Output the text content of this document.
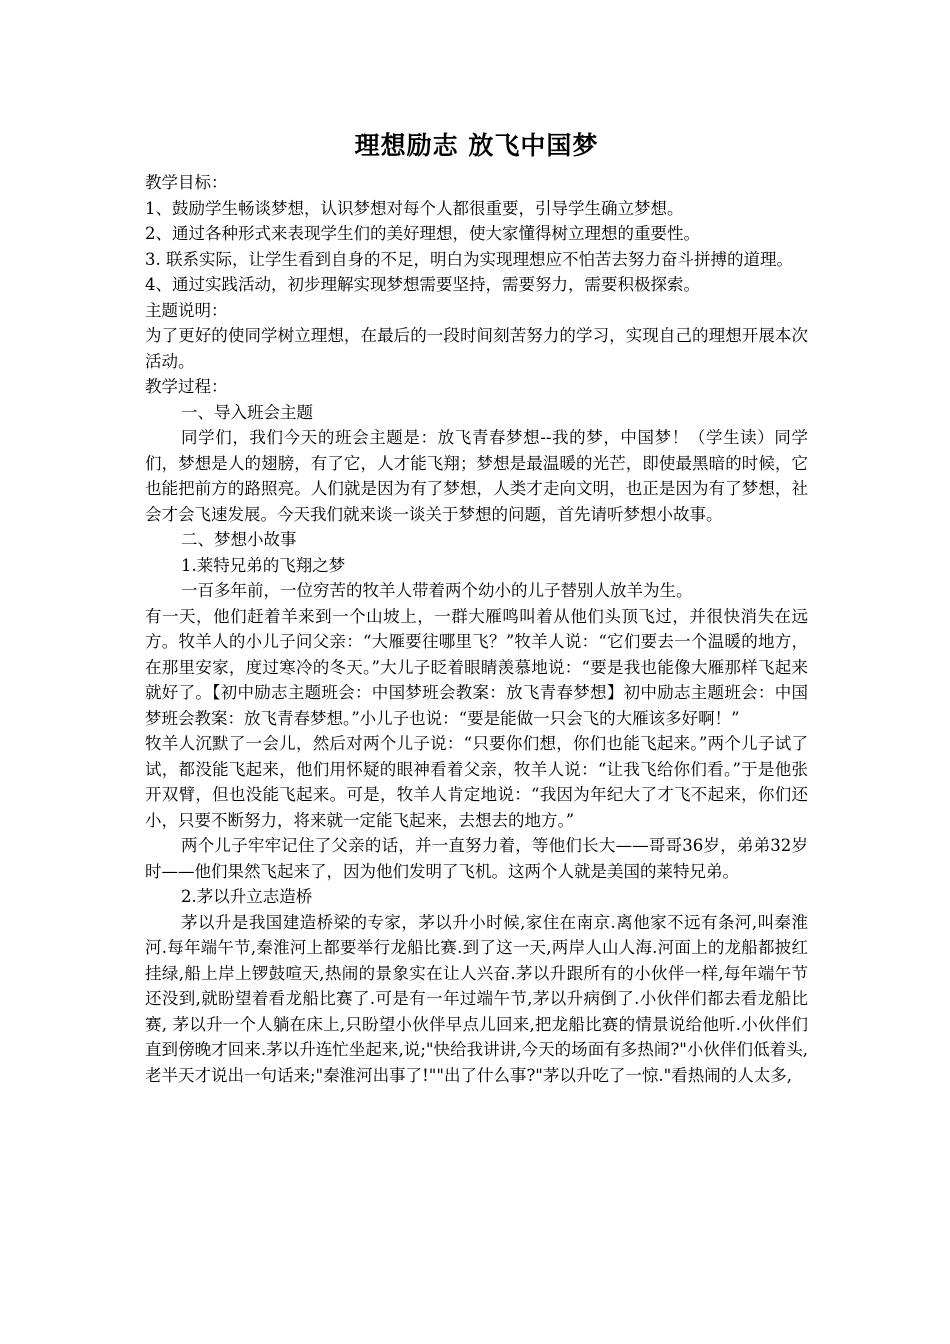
理想励志 放飞中国梦

教学目标：

1、鼓励学生畅谈梦想，认识梦想对每个人都很重要，引导学生确立梦想。

2、通过各种形式来表现学生们的美好理想，使大家懂得树立理想的重要性。

3. 联系实际，让学生看到自身的不足，明白为实现理想应不怕苦去努力奋斗拼搏的道理。

4、通过实践活动，初步理解实现梦想需要坚持，需要努力，需要积极探索。

主题说明：

为了更好的使同学树立理想，在最后的一段时间刻苦努力的学习，实现自己的理想开展本次活动。

教学过程：

一、导入班会主题

同学们，我们今天的班会主题是：放飞青春梦想--我的梦，中国梦！（学生读）同学们，梦想是人的翅膀，有了它，人才能飞翔；梦想是最温暖的光芒，即使最黑暗的时候，它也能把前方的路照亮。人们就是因为有了梦想，人类才走向文明，也正是因为有了梦想，社会才会飞速发展。今天我们就来谈一谈关于梦想的问题，首先请听梦想小故事。

二、梦想小故事

1.莱特兄弟的飞翔之梦

一百多年前，一位穷苦的牧羊人带着两个幼小的儿子替别人放羊为生。

有一天，他们赶着羊来到一个山坡上，一群大雁鸣叫着从他们头顶飞过，并很快消失在远方。牧羊人的小儿子问父亲：“大雁要往哪里飞？”牧羊人说：“它们要去一个温暖的地方，在那里安家，度过寒冷的冬天。”大儿子眨着眼睛羡慕地说：“要是我也能像大雁那样飞起来就好了。【初中励志主题班会：中国梦班会教案：放飞青春梦想】初中励志主题班会：中国梦班会教案：放飞青春梦想。”小儿子也说：“要是能做一只会飞的大雁该多好啊！”

牧羊人沉默了一会儿，然后对两个儿子说：“只要你们想，你们也能飞起来。”两个儿子试了试，都没能飞起来，他们用怀疑的眼神看着父亲，牧羊人说：“让我飞给你们看。”于是他张开双臂，但也没能飞起来。可是，牧羊人肯定地说：“我因为年纪大了才飞不起来，你们还小，只要不断努力，将来就一定能飞起来，去想去的地方。”

两个儿子牢牢记住了父亲的话，并一直努力着，等他们长大——哥哥36岁，弟弟32岁时——他们果然飞起来了，因为他们发明了飞机。这两个人就是美国的莱特兄弟。

2.茅以升立志造桥

茅以升是我国建造桥梁的专家，茅以升小时候,家住在南京.离他家不远有条河,叫秦淮河.每年端午节,秦淮河上都要举行龙船比赛.到了这一天,两岸人山人海.河面上的龙船都披红挂绿,船上岸上锣鼓喧天,热闹的景象实在让人兴奋.茅以升跟所有的小伙伴一样,每年端午节还没到,就盼望着看龙船比赛了.可是有一年过端午节,茅以升病倒了.小伙伴们都去看龙船比赛, 茅以升一个人躺在床上,只盼望小伙伴早点儿回来,把龙船比赛的情景说给他听.小伙伴们直到傍晚才回来.茅以升连忙坐起来,说;"快给我讲讲,今天的场面有多热闹?"小伙伴们低着头,老半天才说出一句话来;"秦淮河出事了!""出了什么事?"茅以升吃了一惊."看热闹的人太多,
